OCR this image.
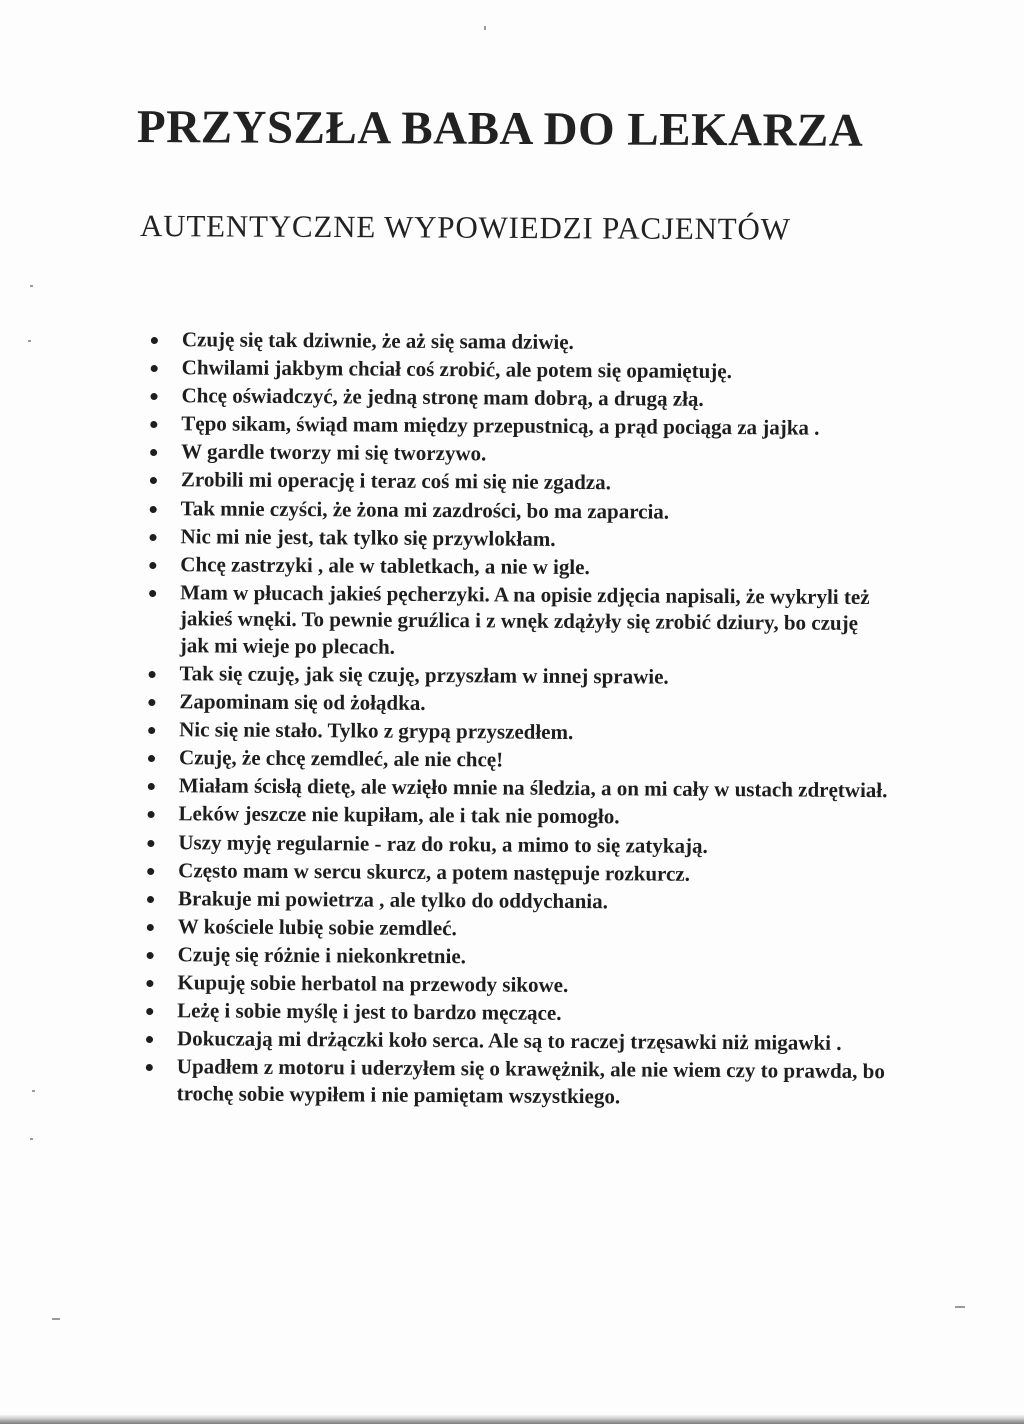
PRZYSZŁA BABA DO LEKARZA
AUTENTYCZNE WYPOWIEDZI PACJENTÓW
Czuję się tak dziwnie, że aż się sama dziwię.
Chwilami jakbym chciał coś zrobić, ale potem się opamiętuję.
Chcę oświadczyć, że jedną stronę mam dobrą, a drugą złą.
Tępo sikam, świąd mam między przepustnicą, a prąd pociąga za jajka .
W gardle tworzy mi się tworzywo.
Zrobili mi operację i teraz coś mi się nie zgadza.
Tak mnie czyści, że żona mi zazdrości, bo ma zaparcia.
Nic mi nie jest, tak tylko się przywlokłam.
Chcę zastrzyki , ale w tabletkach, a nie w igle.
Mam w płucach jakieś pęcherzyki. A na opisie zdjęcia napisali, że wykryli też jakieś wnęki. To pewnie gruźlica i z wnęk zdążyły się zrobić dziury, bo czuję jak mi wieje po plecach.
Tak się czuję, jak się czuję, przyszłam w innej sprawie.
Zapominam się od żołądka.
Nic się nie stało. Tylko z grypą przyszedłem.
Czuję, że chcę zemdleć, ale nie chcę!
Miałam ścisłą dietę, ale wzięło mnie na śledzia, a on mi cały w ustach zdrętwiał.
Leków jeszcze nie kupiłam, ale i tak nie pomogło.
Uszy myję regularnie - raz do roku, a mimo to się zatykają.
Często mam w sercu skurcz, a potem następuje rozkurcz.
Brakuje mi powietrza , ale tylko do oddychania.
W kościele lubię sobie zemdleć.
Czuję się różnie i niekonkretnie.
Kupuję sobie herbatol na przewody sikowe.
Leżę i sobie myślę i jest to bardzo męczące.
Dokuczają mi drżączki koło serca. Ale są to raczej trzęsawki niż migawki .
Upadłem z motoru i uderzyłem się o krawężnik, ale nie wiem czy to prawda, bo trochę sobie wypiłem i nie pamiętam wszystkiego.
